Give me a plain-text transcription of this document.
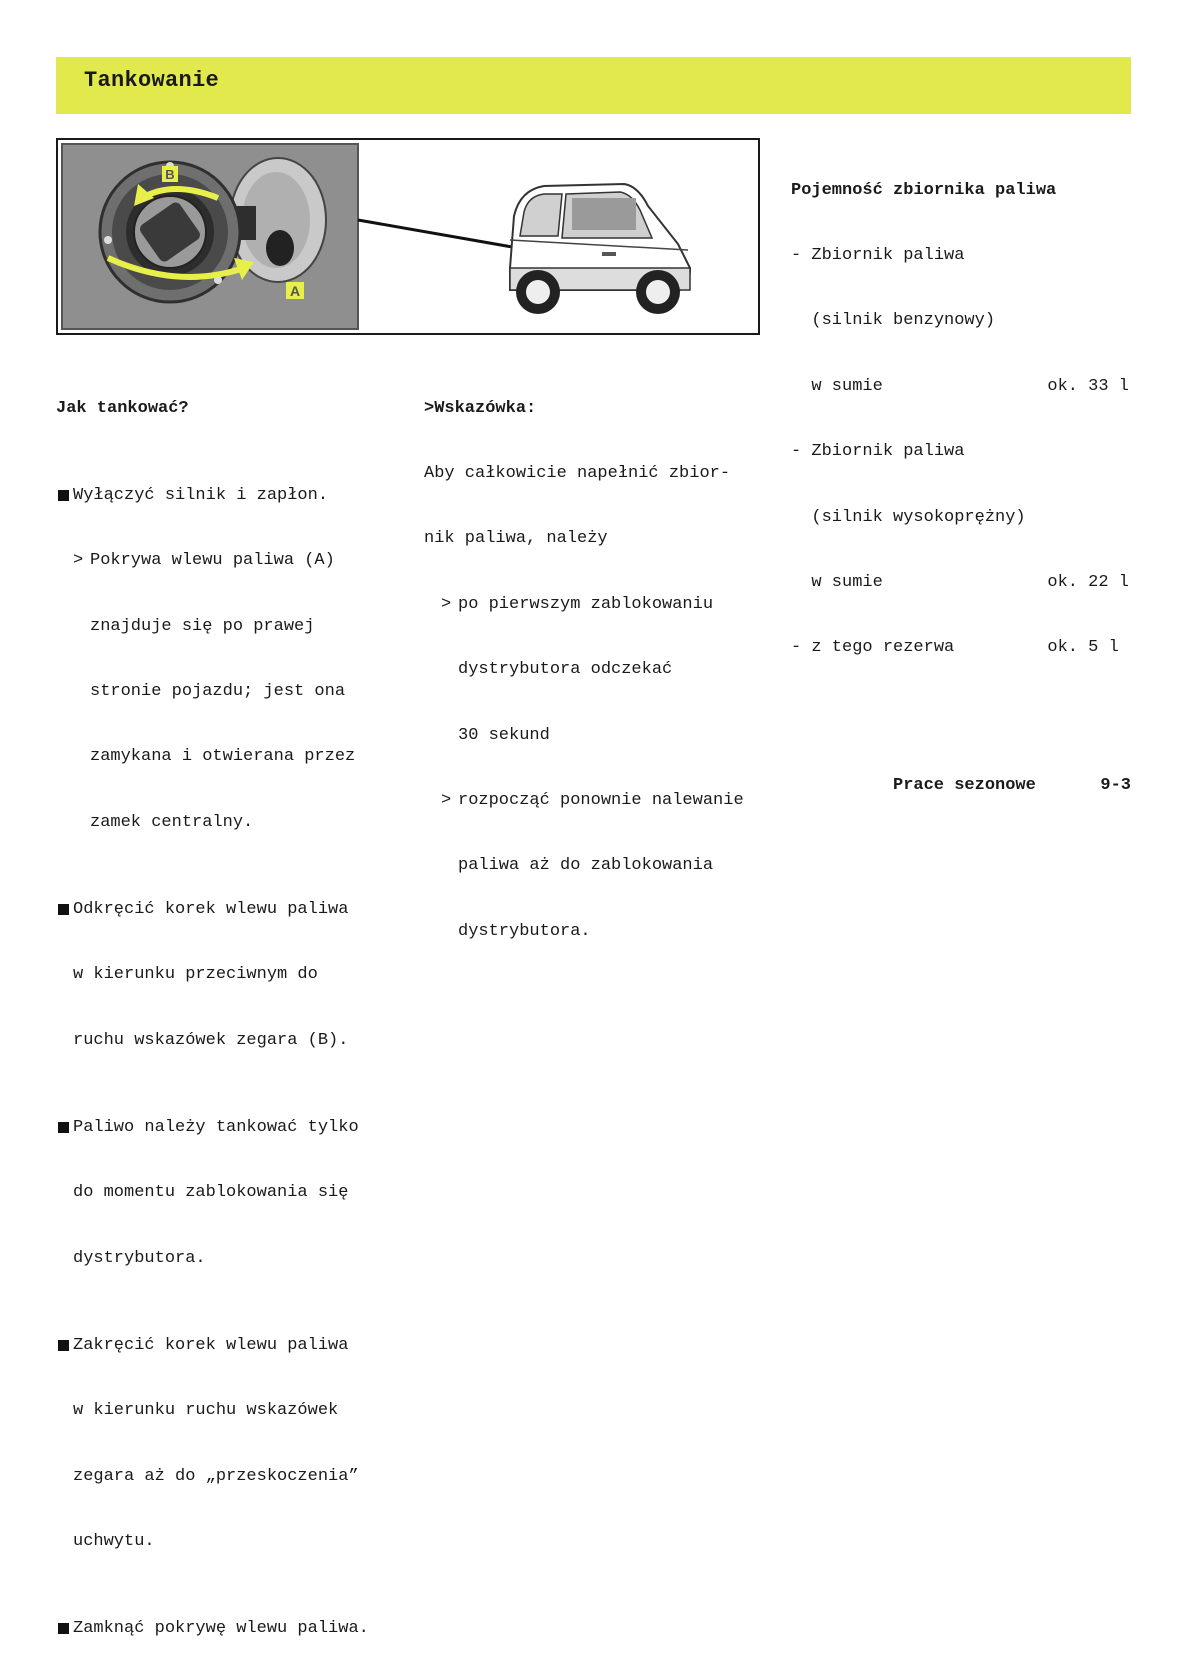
Tankowanie
B
A

Pojemność zbiornika paliwa

- Zbiornik paliwa

(silnik benzynowy)

w sumie	ok. 33 l

- Zbiornik paliwa

(silnik wysokoprężny)

w sumie	ok. 22 l

- z tego rezerwa	ok. 5 l

Jak tankować?

Wyłączyć silnik i zapłon.

> Pokrywa wlewu paliwa (A)

znajduje się po prawej

stronie pojazdu; jest ona

zamykana i otwierana przez

zamek centralny.

Odkręcić korek wlewu paliwa

w kierunku przeciwnym do

ruchu wskazówek zegara (B).

Paliwo należy tankować tylko

do momentu zablokowania się

dystrybutora.

Zakręcić korek wlewu paliwa

w kierunku ruchu wskazówek

zegara aż do „przeskoczenia”

uchwytu.

Zamknąć pokrywę wlewu paliwa.

>Wskazówka:

Aby całkowicie napełnić zbior-

nik paliwa, należy

> po pierwszym zablokowaniu

dystrybutora odczekać

30 sekund

> rozpocząć ponownie nalewanie

paliwa aż do zablokowania

dystrybutora.

Prace sezonowe	9-3
